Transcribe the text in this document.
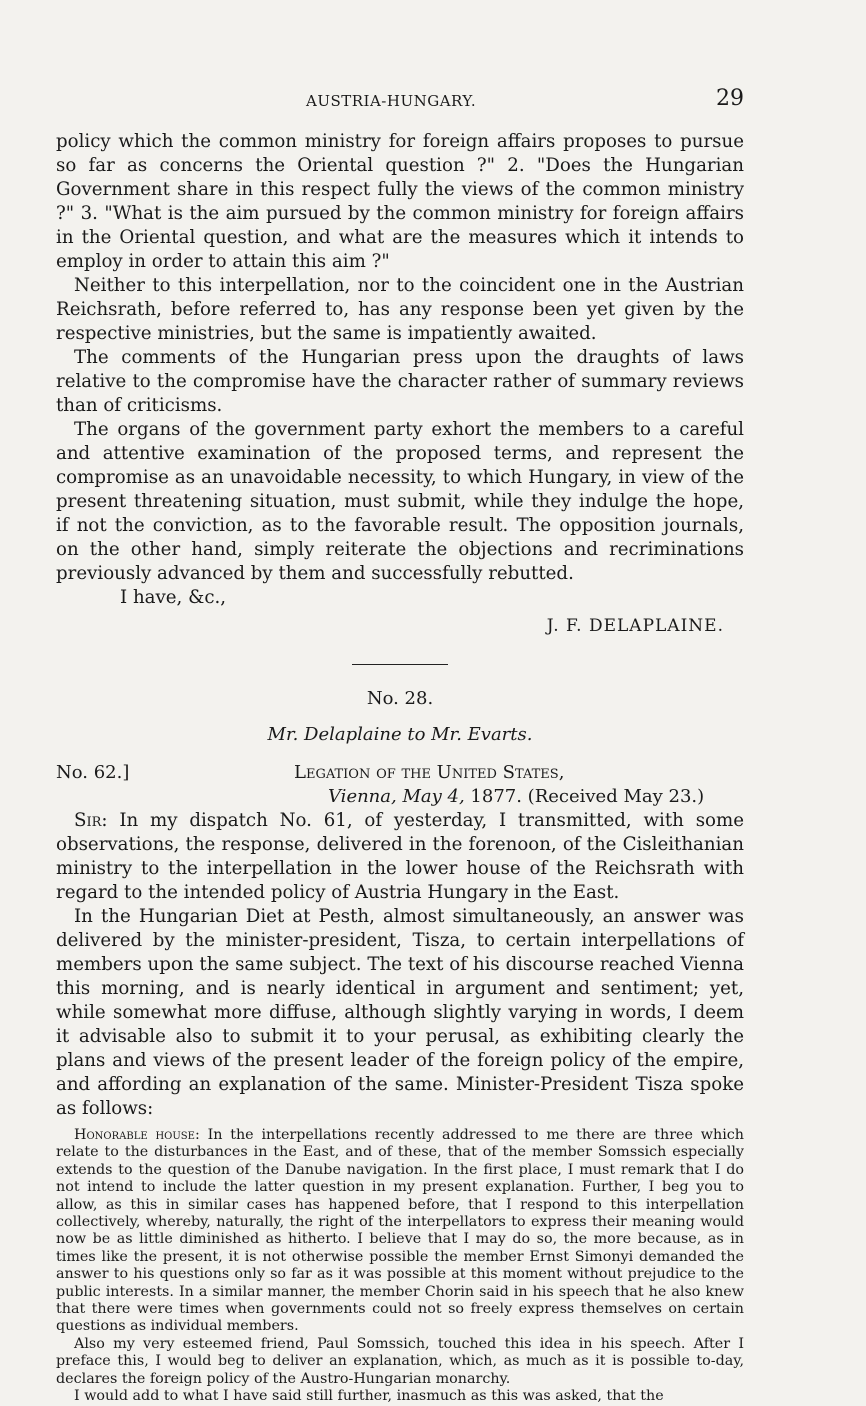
AUSTRIA-HUNGARY.	29

policy which the common ministry for foreign affairs proposes to pursue so far as concerns the Oriental question ?" 2. "Does the Hungarian Government share in this respect fully the views of the common ministry ?" 3. "What is the aim pursued by the common ministry for foreign affairs in the Oriental question, and what are the measures which it intends to employ in order to attain this aim ?"

Neither to this interpellation, nor to the coincident one in the Austrian Reichsrath, before referred to, has any response been yet given by the respective ministries, but the same is impatiently awaited.

The comments of the Hungarian press upon the draughts of laws relative to the compromise have the character rather of summary reviews than of criticisms.

The organs of the government party exhort the members to a careful and attentive examination of the proposed terms, and represent the compromise as an unavoidable necessity, to which Hungary, in view of the present threatening situation, must submit, while they indulge the hope, if not the conviction, as to the favorable result. The opposition journals, on the other hand, simply reiterate the objections and recriminations previously advanced by them and successfully rebutted.

I have, &c.,

J. F. DELAPLAINE.

No. 28.

Mr. Delaplaine to Mr. Evarts.

No. 62.]	Legation of the United States,
Vienna, May 4, 1877. (Received May 23.)

Sir: In my dispatch No. 61, of yesterday, I transmitted, with some observations, the response, delivered in the forenoon, of the Cisleithanian ministry to the interpellation in the lower house of the Reichsrath with regard to the intended policy of Austria Hungary in the East.

In the Hungarian Diet at Pesth, almost simultaneously, an answer was delivered by the minister-president, Tisza, to certain interpellations of members upon the same subject. The text of his discourse reached Vienna this morning, and is nearly identical in argument and sentiment; yet, while somewhat more diffuse, although slightly varying in words, I deem it advisable also to submit it to your perusal, as exhibiting clearly the plans and views of the present leader of the foreign policy of the empire, and affording an explanation of the same. Minister-President Tisza spoke as follows:

Honorable house: In the interpellations recently addressed to me there are three which relate to the disturbances in the East, and of these, that of the member Somssich especially extends to the question of the Danube navigation. In the first place, I must remark that I do not intend to include the latter question in my present explanation. Further, I beg you to allow, as this in similar cases has happened before, that I respond to this interpellation collectively, whereby, naturally, the right of the interpellators to express their meaning would now be as little diminished as hitherto. I believe that I may do so, the more because, as in times like the present, it is not otherwise possible the member Ernst Simonyi demanded the answer to his questions only so far as it was possible at this moment without prejudice to the public interests. In a similar manner, the member Chorin said in his speech that he also knew that there were times when governments could not so freely express themselves on certain questions as individual members.

Also my very esteemed friend, Paul Somssich, touched this idea in his speech. After I preface this, I would beg to deliver an explanation, which, as much as it is possible to-day, declares the foreign policy of the Austro-Hungarian monarchy.

I would add to what I have said still further, inasmuch as this was asked, that the
